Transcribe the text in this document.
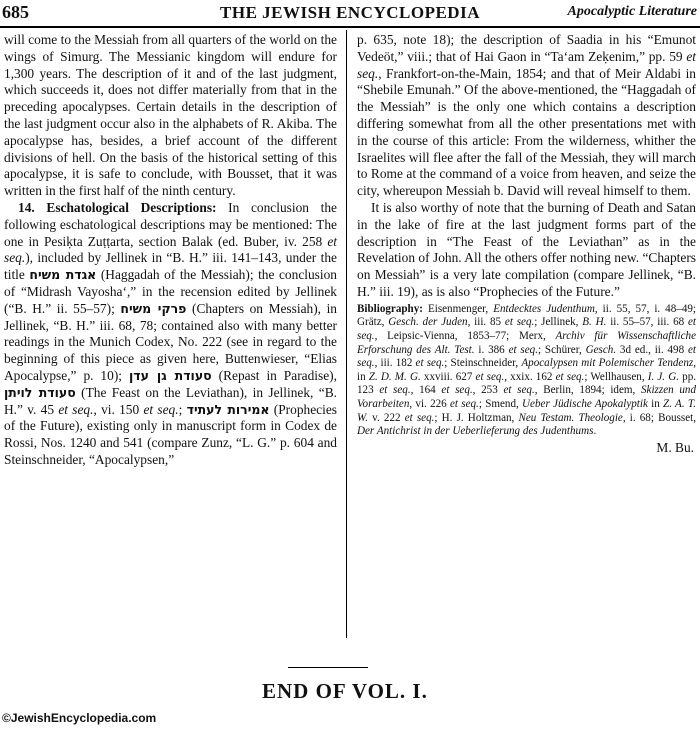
685	THE JEWISH ENCYCLOPEDIA	Apocalyptic Literature

will come to the Messiah from all quarters of the world on the wings of Simurg. The Messianic kingdom will endure for 1,300 years. The description of it and of the last judgment, which succeeds it, does not differ materially from that in the preceding apocalypses. Certain details in the description of the last judgment occur also in the alphabets of R. Akiba. The apocalypse has, besides, a brief account of the different divisions of hell. On the basis of the historical setting of this apocalypse, it is safe to conclude, with Bousset, that it was written in the first half of the ninth century.

14. Eschatological Descriptions: In conclusion the following eschatological descriptions may be mentioned: The one in Pesiḳta Zuṭṭarta, section Balak (ed. Buber, iv. 258 et seq.), included by Jellinek in “B. H.” iii. 141–143, under the title אגדת משיח (Haggadah of the Messiah); the conclusion of “Midrash Vayosha‘,” in the recension edited by Jellinek (“B. H.” ii. 55–57); פרקי משיח (Chapters on Messiah), in Jellinek, “B. H.” iii. 68, 78; contained also with many better readings in the Munich Codex, No. 222 (see in regard to the beginning of this piece as given here, Buttenwieser, “Elias Apocalypse,” p. 10); סעודת גן עדן (Repast in Paradise), סעודת לויתן (The Feast on the Leviathan), in Jellinek, “B. H.” v. 45 et seq., vi. 150 et seq.; אמירות לעתיד (Prophecies of the Future), existing only in manuscript form in Codex de Rossi, Nos. 1240 and 541 (compare Zunz, “L. G.” p. 604 and Steinschneider, “Apocalypsen,”

p. 635, note 18); the description of Saadia in his “Emunot Vedeöt,” viii.; that of Hai Gaon in “Ta‘am Zeḳenim,” pp. 59 et seq., Frankfort-on-the-Main, 1854; and that of Meir Aldabi in “Shebile Emunah.” Of the above-mentioned, the “Haggadah of the Messiah” is the only one which contains a description differing somewhat from all the other presentations met with in the course of this article: From the wilderness, whither the Israelites will flee after the fall of the Messiah, they will march to Rome at the command of a voice from heaven, and seize the city, whereupon Messiah b. David will reveal himself to them.

It is also worthy of note that the burning of Death and Satan in the lake of fire at the last judgment forms part of the description in “The Feast of the Leviathan” as in the Revelation of John. All the others offer nothing new. “Chapters on Messiah” is a very late compilation (compare Jellinek, “B. H.” iii. 19), as is also “Prophecies of the Future.”

Bibliography: Eisenmenger, Entdecktes Judenthum, ii. 55, 57, i. 48–49; Grätz, Gesch. der Juden, iii. 85 et seq.; Jellinek, B. H. ii. 55–57, iii. 68 et seq., Leipsic-Vienna, 1853–77; Merx, Archiv für Wissenschaftliche Erforschung des Alt. Test. i. 386 et seq.; Schürer, Gesch. 3d ed., ii. 498 et seq., iii. 182 et seq.; Steinschneider, Apocalypsen mit Polemischer Tendenz, in Z. D. M. G. xxviii. 627 et seq., xxix. 162 et seq.; Wellhausen, I. J. G. pp. 123 et seq., 164 et seq., 253 et seq., Berlin, 1894; idem, Skizzen und Vorarbeiten, vi. 226 et seq.; Smend, Ueber Jüdische Apokalyptik in Z. A. T. W. v. 222 et seq.; H. J. Holtzman, Neu Testam. Theologie, i. 68; Bousset, Der Antichrist in der Ueberlieferung des Judenthums.

M. Bu.

END OF VOL. I.
©JewishEncyclopedia.com
